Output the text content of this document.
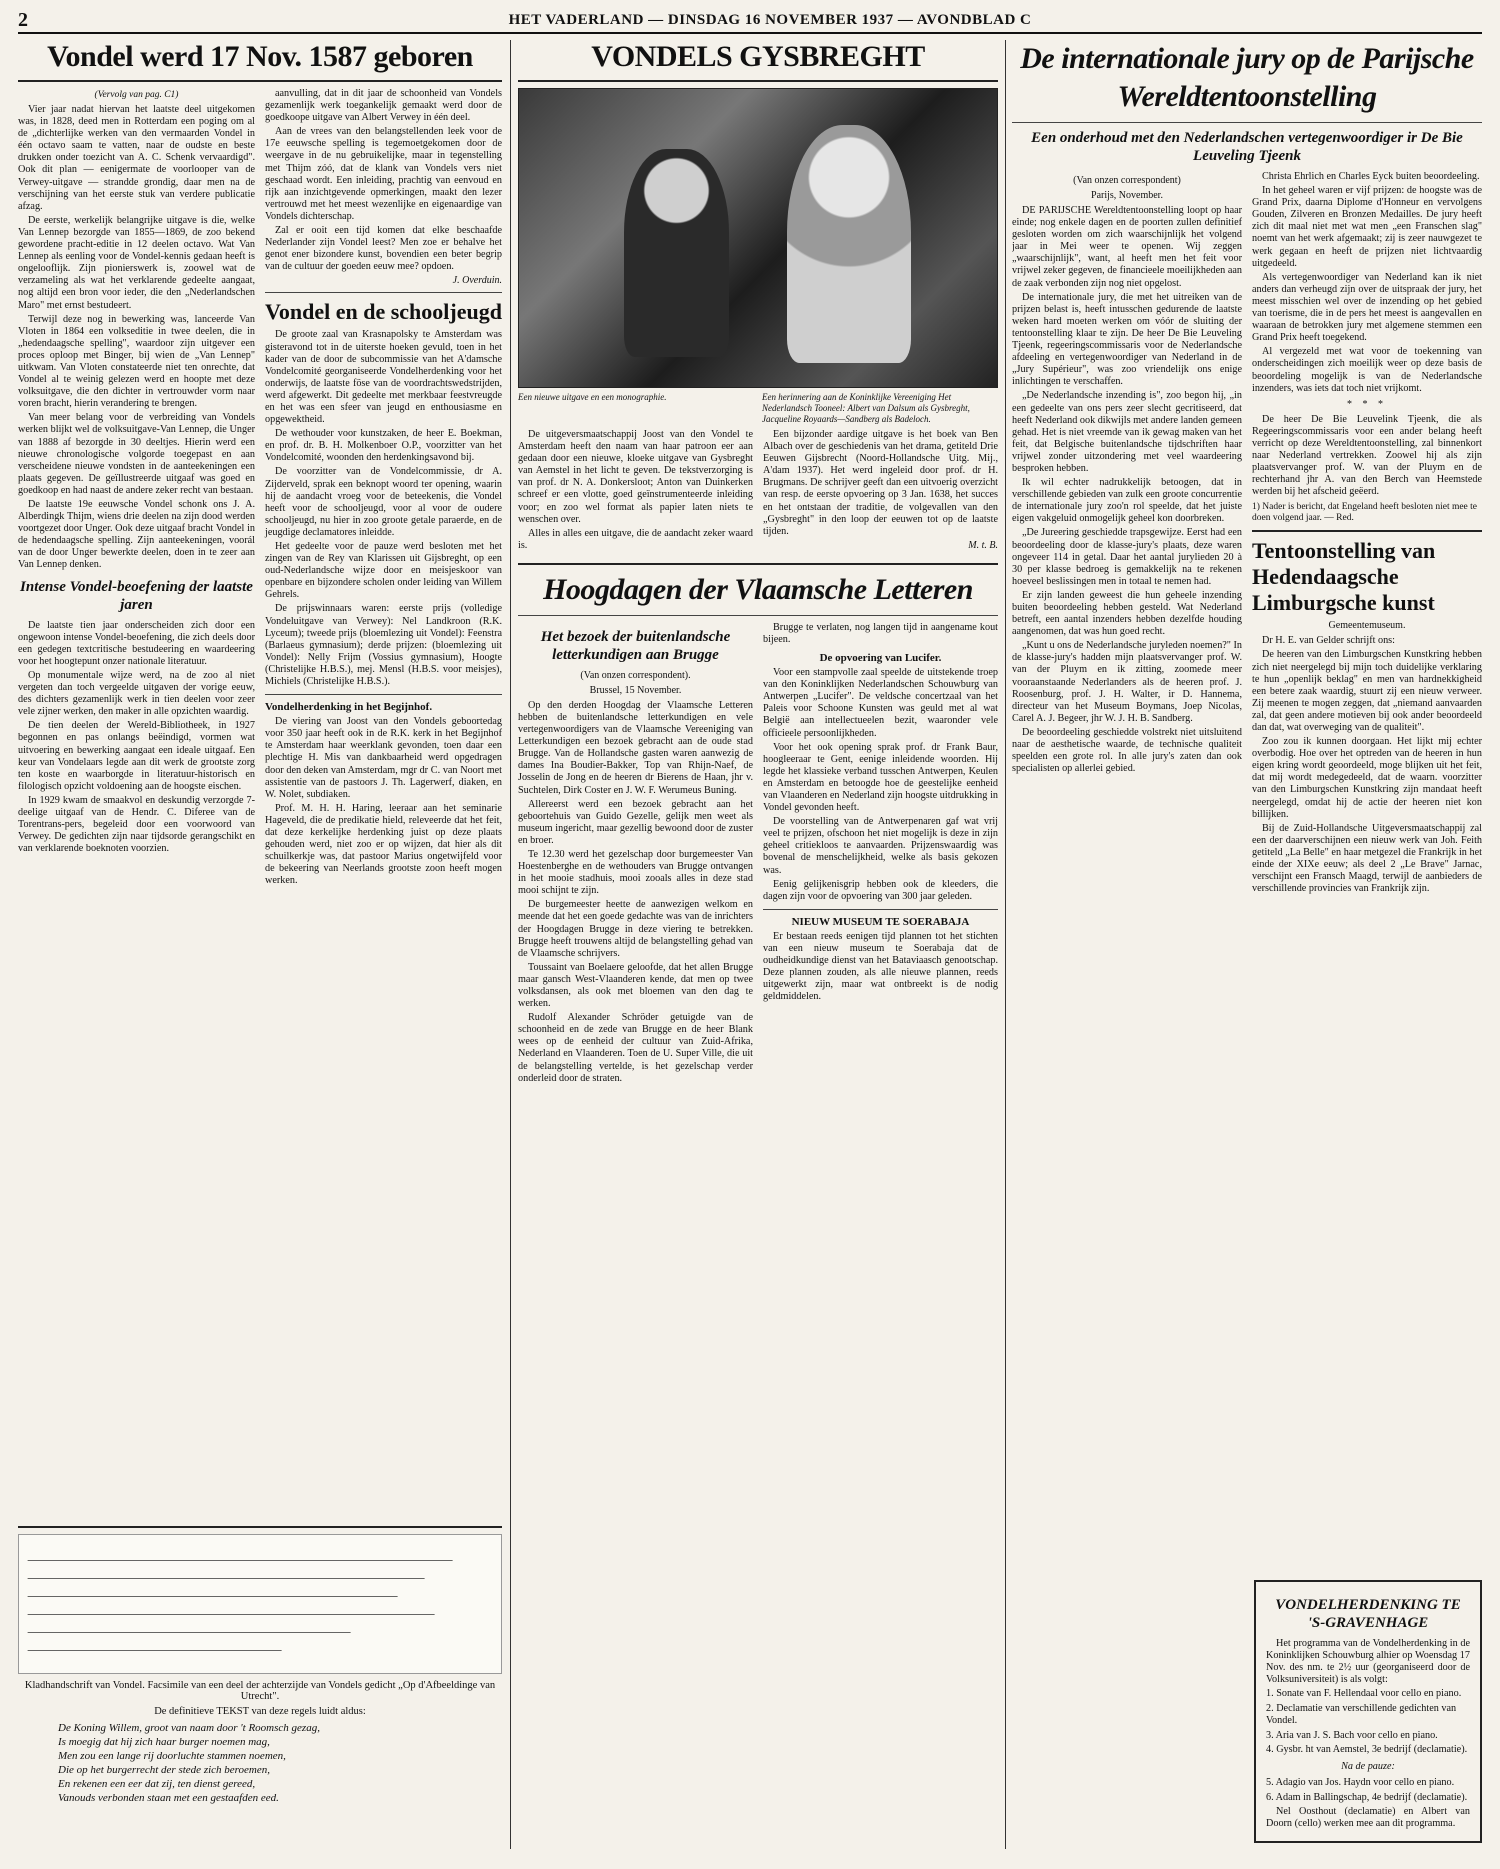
2	HET VADERLAND — DINSDAG 16 NOVEMBER 1937 — AVONDBLAD C
Vondel werd 17 Nov. 1587 geboren

(Vervolg van pag. C1)

Vier jaar nadat hiervan het laatste deel uitgekomen was, in 1828, deed men in Rotterdam een poging om al de „dichterlijke werken van den vermaarden Vondel in één octavo saam te vatten, naar de oudste en beste drukken onder toezicht van A. C. Schenk vervaardigd". Ook dit plan — eenigermate de voorlooper van de Verwey-uitgave — strandde grondig, daar men na de verschijning van het eerste stuk van verdere publicatie afzag.

De eerste, werkelijk belangrijke uitgave is die, welke Van Lennep bezorgde van 1855—1869, de zoo bekend gewordene pracht-editie in 12 deelen octavo. Wat Van Lennep als eenling voor de Vondel-kennis gedaan heeft is ongelooflijk. Zijn pionierswerk is, zoowel wat de verzameling als wat het verklarende gedeelte aangaat, nog altijd een bron voor ieder, die den „Nederlandschen Maro" met ernst bestudeert.

Terwijl deze nog in bewerking was, lanceerde Van Vloten in 1864 een volkseditie in twee deelen, die in „hedendaagsche spelling", waardoor zijn uitgever een proces oploop met Binger, bij wien de „Van Lennep" uitkwam. Van Vloten constateerde niet ten onrechte, dat Vondel al te weinig gelezen werd en hoopte met deze volksuitgave, die den dichter in vertrouwder vorm naar voren bracht, hierin verandering te brengen.

Van meer belang voor de verbreiding van Vondels werken blijkt wel de volksuitgave-Van Lennep, die Unger van 1888 af bezorgde in 30 deeltjes. Hierin werd een nieuwe chronologische volgorde toegepast en aan verscheidene nieuwe vondsten in de aanteekeningen een plaats gegeven. De geïllustreerde uitgaaf was goed en goedkoop en had naast de andere zeker recht van bestaan.

De laatste 19e eeuwsche Vondel schonk ons J. A. Alberdingk Thijm, wiens drie deelen na zijn dood werden voortgezet door Unger. Ook deze uitgaaf bracht Vondel in de hedendaagsche spelling. Zijn aanteekeningen, voorál van de door Unger bewerkte deelen, doen in te zeer aan Van Lennep denken.

Intense Vondel-beoefening der laatste jaren

De laatste tien jaar onderscheiden zich door een ongewoon intense Vondel-beoefening, die zich deels door een gedegen textcritische bestudeering en waardeering voor het hoogtepunt onzer nationale literatuur.

Op monumentale wijze werd, na de zoo al niet vergeten dan toch vergeelde uitgaven der vorige eeuw, des dichters gezamenlijk werk in tien deelen voor zeer vele zijner werken, den maker in alle opzichten waardig.

De tien deelen der Wereld-Bibliotheek, in 1927 begonnen en pas onlangs beëindigd, vormen wat uitvoering en bewerking aangaat een ideale uitgaaf. Een keur van Vondelaars legde aan dit werk de grootste zorg ten koste en waarborgde in literatuur-historisch en filologisch opzicht voldoening aan de hoogste eischen.

In 1929 kwam de smaakvol en deskundig verzorgde 7-deelige uitgaaf van de Hendr. C. Diferee van de Torentrans-pers, begeleid door een voorwoord van Verwey. De gedichten zijn naar tijdsorde gerangschikt en van verklarende boeknoten voorzien.

aanvulling, dat in dit jaar de schoonheid van Vondels gezamenlijk werk toegankelijk gemaakt werd door de goedkoope uitgave van Albert Verwey in één deel.

Aan de vrees van den belangstellenden leek voor de 17e eeuwsche spelling is tegemoetgekomen door de weergave in de nu gebruikelijke, maar in tegenstelling met Thijm zóó, dat de klank van Vondels vers niet geschaad wordt. Een inleiding, prachtig van eenvoud en rijk aan inzichtgevende opmerkingen, maakt den lezer vertrouwd met het meest wezenlijke en eigenaardige van Vondels dichterschap.

Zal er ooit een tijd komen dat elke beschaafde Nederlander zijn Vondel leest? Men zoe er behalve het genot ener bizondere kunst, bovendien een beter begrip van de cultuur der goeden eeuw mee? opdoen.

J. Overduin.

Vondel en de schooljeugd

De groote zaal van Krasnapolsky te Amsterdam was gisteravond tot in de uiterste hoeken gevuld, toen in het kader van de door de subcommissie van het A'damsche Vondelcomité georganiseerde Vondelherdenking voor het onderwijs, de laatste föse van de voordrachtswedstrijden, werd afgewerkt. Dit gedeelte met merkbaar feestvreugde en het was een sfeer van jeugd en enthousiasme en opgewektheid.

De wethouder voor kunstzaken, de heer E. Boekman, en prof. dr. B. H. Molkenboer O.P., voorzitter van het Vondelcomité, woonden den herdenkingsavond bij.

De voorzitter van de Vondelcommissie, dr A. Zijderveld, sprak een beknopt woord ter opening, waarin hij de aandacht vroeg voor de beteekenis, die Vondel heeft voor de schooljeugd, voor al voor de oudere schooljeugd, nu hier in zoo groote getale paraerde, en de jeugdige declamatores inleidde.

Het gedeelte voor de pauze werd besloten met het zingen van de Rey van Klarissen uit Gijsbreght, op een oud-Nederlandsche wijze door en meisjeskoor van openbare en bijzondere scholen onder leiding van Willem Gehrels.

De prijswinnaars waren: eerste prijs (volledige Vondeluitgave van Verwey): Nel Landkroon (R.K. Lyceum); tweede prijs (bloemlezing uit Vondel): Feenstra (Barlaeus gymnasium); derde prijzen: (bloemlezing uit Vondel): Nelly Frijm (Vossius gymnasium), Hoogte (Christelijke H.B.S.), mej. Mensl (H.B.S. voor meisjes), Michiels (Christelijke H.B.S.).

Vondelherdenking in het Begijnhof.

De viering van Joost van den Vondels geboortedag voor 350 jaar heeft ook in de R.K. kerk in het Begijnhof te Amsterdam haar weerklank gevonden, toen daar een plechtige H. Mis van dankbaarheid werd opgedragen door den deken van Amsterdam, mgr dr C. van Noort met assistentie van de pastoors J. Th. Lagerwerf, diaken, en W. Nolet, subdiaken.

Prof. M. H. H. Haring, leeraar aan het seminarie Hageveld, die de predikatie hield, releveerde dat het feit, dat deze kerkelijke herdenking juist op deze plaats gehouden werd, niet zoo er op wijzen, dat hier als dit schuilkerkje was, dat pastoor Marius ongetwijfeld voor de bekeering van Neerlands grootste zoon heeft mogen werken.

Kladhandschrift van Vondel. Facsimile van een deel der achterzijde van Vondels gedicht „Op d'Afbeeldinge van Utrecht".

De definitieve TEKST van deze regels luidt aldus:

De Koning Willem, groot van naam door 't Roomsch gezag,
Is moegig dat hij zich haar burger noemen mag,
Men zou een lange rij doorluchte stammen noemen,
Die op het burgerrecht der stede zich beroemen,
En rekenen een eer dat zij, ten dienst gereed,
Vanouds verbonden staan met een gestaafden eed.
VONDELS GYSBREGHT
Een nieuwe uitgave en een monographie.	Een herinnering aan de Koninklijke Vereeniging Het Nederlandsch Tooneel: Albert van Dalsum als Gysbreght, Jacqueline Royaards—Sandberg als Badeloch.

De uitgeversmaatschappij Joost van den Vondel te Amsterdam heeft den naam van haar patroon eer aan gedaan door een nieuwe, kloeke uitgave van Gysbreght van Aemstel in het licht te geven. De tekstverzorging is van prof. dr N. A. Donkersloot; Anton van Duinkerken schreef er een vlotte, goed geïnstrumenteerde inleiding voor; en zoo wel format als papier laten niets te wenschen over.

Alles in alles een uitgave, die de aandacht zeker waard is.

Een bijzonder aardige uitgave is het boek van Ben Albach over de geschiedenis van het drama, getiteld Drie Eeuwen Gijsbrecht (Noord-Hollandsche Uitg. Mij., A'dam 1937). Het werd ingeleid door prof. dr H. Brugmans. De schrijver geeft dan een uitvoerig overzicht van resp. de eerste opvoering op 3 Jan. 1638, het succes en het ontstaan der traditie, de volgevallen van den „Gysbreght" in den loop der eeuwen tot op de laatste tijden.

M. t. B.

Hoogdagen der Vlaamsche Letteren
Het bezoek der buitenlandsche letterkundigen aan Brugge

(Van onzen correspondent).

Brussel, 15 November.

Op den derden Hoogdag der Vlaamsche Letteren hebben de buitenlandsche letterkundigen en vele vertegenwoordigers van de Vlaamsche Vereeniging van Letterkundigen een bezoek gebracht aan de oude stad Brugge. Van de Hollandsche gasten waren aanwezig de dames Ina Boudier-Bakker, Top van Rhijn-Naef, de Josselin de Jong en de heeren dr Bierens de Haan, jhr v. Suchtelen, Dirk Coster en J. W. F. Werumeus Buning.

Allereerst werd een bezoek gebracht aan het geboortehuis van Guido Gezelle, gelijk men weet als museum ingericht, maar gezellig bewoond door de zuster en broer.

Te 12.30 werd het gezelschap door burgemeester Van Hoestenberghe en de wethouders van Brugge ontvangen in het mooie stadhuis, mooi zooals alles in deze stad mooi schijnt te zijn.

De burgemeester heette de aanwezigen welkom en meende dat het een goede gedachte was van de inrichters der Hoogdagen Brugge in deze viering te betrekken. Brugge heeft trouwens altijd de belangstelling gehad van de Vlaamsche schrijvers.

Toussaint van Boelaere geloofde, dat het allen Brugge maar gansch West-Vlaanderen kende, dat men op twee volksdansen, als ook met bloemen van den dag te werken.

Rudolf Alexander Schröder getuigde van de schoonheid en de zede van Brugge en de heer Blank wees op de eenheid der cultuur van Zuid-Afrika, Nederland en Vlaanderen. Toen de U. Super Ville, die uit de belangstelling vertelde, is het gezelschap verder onderleid door de straten.

Brugge te verlaten, nog langen tijd in aangename kout bijeen.

De opvoering van Lucifer.

Voor een stampvolle zaal speelde de uitstekende troep van den Koninklijken Nederlandschen Schouwburg van Antwerpen „Lucifer". De veldsche concertzaal van het Paleis voor Schoone Kunsten was geuld met al wat België aan intellectueelen bezit, waaronder vele officieele persoonlijkheden.

Voor het ook opening sprak prof. dr Frank Baur, hoogleeraar te Gent, eenige inleidende woorden. Hij legde het klassieke verband tusschen Antwerpen, Keulen en Amsterdam en betoogde hoe de geestelijke eenheid van Vlaanderen en Nederland zijn hoogste uitdrukking in Vondel gevonden heeft.

De voorstelling van de Antwerpenaren gaf wat vrij veel te prijzen, ofschoon het niet mogelijk is deze in zijn geheel critiekloos te aanvaarden. Prijzenswaardig was bovenal de menschelijkheid, welke als basis gekozen was.

Eenig gelijkenisgrip hebben ook de kleeders, die dagen zijn voor de opvoering van 300 jaar geleden.

NIEUW MUSEUM TE SOERABAJA

Er bestaan reeds eenigen tijd plannen tot het stichten van een nieuw museum te Soerabaja dat de oudheidkundige dienst van het Bataviaasch genootschap. Deze plannen zouden, als alle nieuwe plannen, reeds uitgewerkt zijn, maar wat ontbreekt is de nodig geldmiddelen.

De internationale jury op de Parijsche Wereldtentoonstelling
Een onderhoud met den Nederlandschen vertegenwoordiger ir De Bie Leuveling Tjeenk

(Van onzen correspondent)

Parijs, November.

DE PARIJSCHE Wereldtentoonstelling loopt op haar einde; nog enkele dagen en de poorten zullen definitief gesloten worden om zich waarschijnlijk het volgend jaar in Mei weer te openen. Wij zeggen „waarschijnlijk", want, al heeft men het feit voor vrijwel zeker gegeven, de financieele moeilijkheden aan de zaak verbonden zijn nog niet opgelost.

De internationale jury, die met het uitreiken van de prijzen belast is, heeft intusschen gedurende de laatste weken hard moeten werken om vóór de sluiting der tentoonstelling klaar te zijn. De heer De Bie Leuveling Tjeenk, regeeringscommissaris voor de Nederlandsche afdeeling en vertegenwoordiger van Nederland in de „Jury Supérieur", was zoo vriendelijk ons enige inlichtingen te verschaffen.

„De Nederlandsche inzending is", zoo begon hij, „in een gedeelte van ons pers zeer slecht gecritiseerd, dat heeft Nederland ook dikwijls met andere landen gemeen gehad. Het is niet vreemde van ik gewag maken van het feit, dat Belgische buitenlandsche tijdschriften haar vrijwel zonder uitzondering met veel waardeering besproken hebben.

Ik wil echter nadrukkelijk betoogen, dat in verschillende gebieden van zulk een groote concurrentie de internationale jury zoo'n rol speelde, dat het juiste eigen vakgeluid onmogelijk geheel kon doorbreken.

„De Jureering geschiedde trapsgewijze. Eerst had een beoordeeling door de klasse-jury's plaats, deze waren ongeveer 114 in getal. Daar het aantal jurylieden 20 à 30 per klasse bedroeg is gemakkelijk na te rekenen hoeveel beslissingen men in totaal te nemen had.

Er zijn landen geweest die hun geheele inzending buiten beoordeeling hebben gesteld. Wat Nederland betreft, een aantal inzenders hebben dezelfde houding aangenomen, dat was hun goed recht.

„Kunt u ons de Nederlandsche juryleden noemen?" In de klasse-jury's hadden mijn plaatsvervanger prof. W. van der Pluym en ik zitting, zoomede meer vooraanstaande Nederlanders als de heeren prof. J. Roosenburg, prof. J. H. Walter, ir D. Hannema, directeur van het Museum Boymans, Joep Nicolas, Carel A. J. Begeer, jhr W. J. H. B. Sandberg.

De beoordeeling geschiedde volstrekt niet uitsluitend naar de aesthetische waarde, de technische qualiteit speelden een grote rol. In alle jury's zaten dan ook specialisten op allerlei gebied.

Christa Ehrlich en Charles Eyck buiten beoordeeling.

In het geheel waren er vijf prijzen: de hoogste was de Grand Prix, daarna Diplome d'Honneur en vervolgens Gouden, Zilveren en Bronzen Medailles. De jury heeft zich dit maal niet met wat men „een Franschen slag" noemt van het werk afgemaakt; zij is zeer nauwgezet te werk gegaan en heeft de prijzen niet lichtvaardig uitgedeeld.

Als vertegenwoordiger van Nederland kan ik niet anders dan verheugd zijn over de uitspraak der jury, het meest misschien wel over de inzending op het gebied van toerisme, die in de pers het meest is aangevallen en waaraan de betrokken jury met algemene stemmen een Grand Prix heeft toegekend.

Al vergezeld met wat voor de toekenning van onderscheidingen zich moeilijk weer op deze basis de beoordeling mogelijk is van de Nederlandsche inzenders, was iets dat toch niet vrijkomt.

* * *

De heer De Bie Leuvelink Tjeenk, die als Regeeringscommissaris voor een ander belang heeft verricht op deze Wereldtentoonstelling, zal binnenkort naar Nederland vertrekken. Zoowel hij als zijn plaatsvervanger prof. W. van der Pluym en de rechterhand jhr A. van den Berch van Heemstede werden bij het afscheid geëerd.

1) Nader is bericht, dat Engeland heeft besloten niet mee te doen volgend jaar. — Red.

Tentoonstelling van Hedendaagsche Limburgsche kunst

Gemeentemuseum.

Dr H. E. van Gelder schrijft ons:

De heeren van den Limburgschen Kunstkring hebben zich niet neergelegd bij mijn toch duidelijke verklaring te hun „openlijk beklag" en men van hardnekkigheid een betere zaak waardig, stuurt zij een nieuw verweer. Zij meenen te mogen zeggen, dat „niemand aanvaarden zal, dat geen andere motieven bij ook ander beoordeeld dan dat, wat overweging van de qualiteit".

Zoo zou ik kunnen doorgaan. Het lijkt mij echter overbodig. Hoe over het optreden van de heeren in hun eigen kring wordt geoordeeld, moge blijken uit het feit, dat mij wordt medegedeeld, dat de waarn. voorzitter van den Limburgschen Kunstkring zijn mandaat heeft neergelegd, omdat hij de actie der heeren niet kon billijken.

Bij de Zuid-Hollandsche Uitgeversmaatschappij zal een der daarverschijnen een nieuw werk van Joh. Feith getiteld „La Belle" en haar metgezel die Frankrijk in het einde der XIXe eeuw; als deel 2 „Le Brave" Jarnac, verschijnt een Fransch Maagd, terwijl de aanbieders de verschillende provincies van Frankrijk zijn.

VONDELHERDENKING TE 'S-GRAVENHAGE

Het programma van de Vondelherdenking in de Koninklijken Schouwburg alhier op Woensdag 17 Nov. des nm. te 2½ uur (georganiseerd door de Volksuniversiteit) is als volgt:

1. Sonate van F. Hellendaal voor cello en piano.
2. Declamatie van verschillende gedichten van Vondel.
3. Aria van J. S. Bach voor cello en piano.
4. Gysbr. ht van Aemstel, 3e bedrijf (declamatie).
Na de pauze:
5. Adagio van Jos. Haydn voor cello en piano.
6. Adam in Ballingschap, 4e bedrijf (declamatie).

Nel Oosthout (declamatie) en Albert van Doorn (cello) werken mee aan dit programma.
